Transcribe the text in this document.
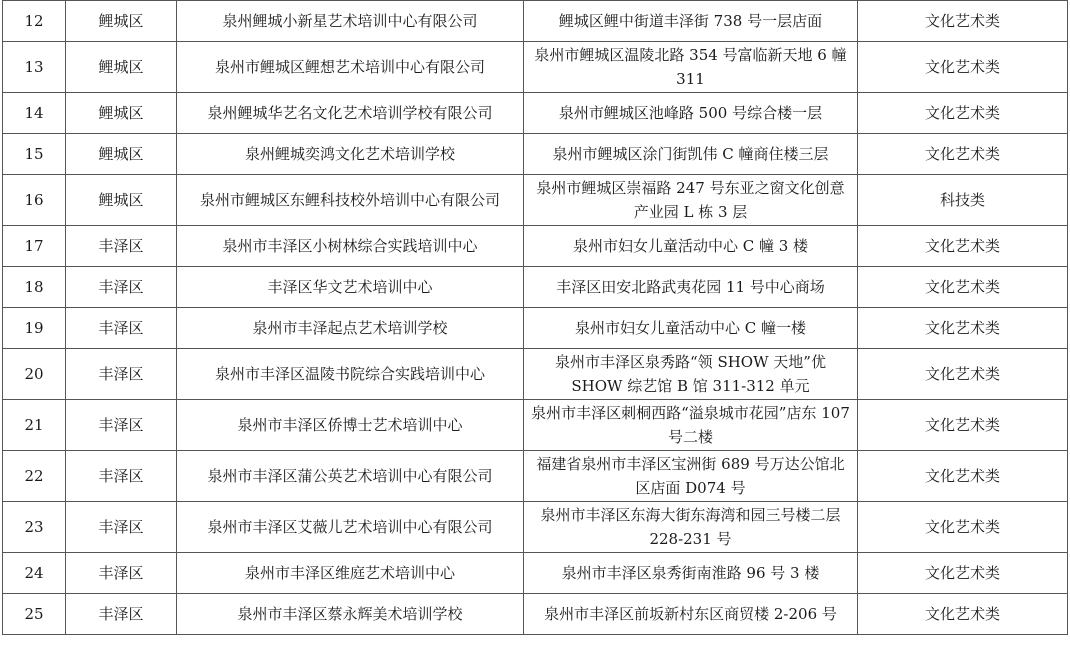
12	鲤城区	泉州鲤城小新星艺术培训中心有限公司	鲤城区鲤中街道丰泽街 738 号一层店面	文化艺术类
13	鲤城区	泉州市鲤城区鲤想艺术培训中心有限公司	泉州市鲤城区温陵北路 354 号富临新天地 6 幢 311	文化艺术类
14	鲤城区	泉州鲤城华艺名文化艺术培训学校有限公司	泉州市鲤城区池峰路 500 号综合楼一层	文化艺术类
15	鲤城区	泉州鲤城奕鸿文化艺术培训学校	泉州市鲤城区涂门街凯伟 C 幢商住楼三层	文化艺术类
16	鲤城区	泉州市鲤城区东鲤科技校外培训中心有限公司	泉州市鲤城区崇福路 247 号东亚之窗文化创意产业园 L 栋 3 层	科技类
17	丰泽区	泉州市丰泽区小树林综合实践培训中心	泉州市妇女儿童活动中心 C 幢 3 楼	文化艺术类
18	丰泽区	丰泽区华文艺术培训中心	丰泽区田安北路武夷花园 11 号中心商场	文化艺术类
19	丰泽区	泉州市丰泽起点艺术培训学校	泉州市妇女儿童活动中心 C 幢一楼	文化艺术类
20	丰泽区	泉州市丰泽区温陵书院综合实践培训中心	泉州市丰泽区泉秀路“领 SHOW 天地”优 SHOW 综艺馆 B 馆 311-312 单元	文化艺术类
21	丰泽区	泉州市丰泽区侨博士艺术培训中心	泉州市丰泽区刺桐西路“溢泉城市花园”店东 107 号二楼	文化艺术类
22	丰泽区	泉州市丰泽区蒲公英艺术培训中心有限公司	福建省泉州市丰泽区宝洲街 689 号万达公馆北区店面 D074 号	文化艺术类
23	丰泽区	泉州市丰泽区艾薇儿艺术培训中心有限公司	泉州市丰泽区东海大街东海湾和园三号楼二层 228-231 号	文化艺术类
24	丰泽区	泉州市丰泽区维庭艺术培训中心	泉州市丰泽区泉秀街南淮路 96 号 3 楼	文化艺术类
25	丰泽区	泉州市丰泽区蔡永辉美术培训学校	泉州市丰泽区前坂新村东区商贸楼 2-206 号	文化艺术类
